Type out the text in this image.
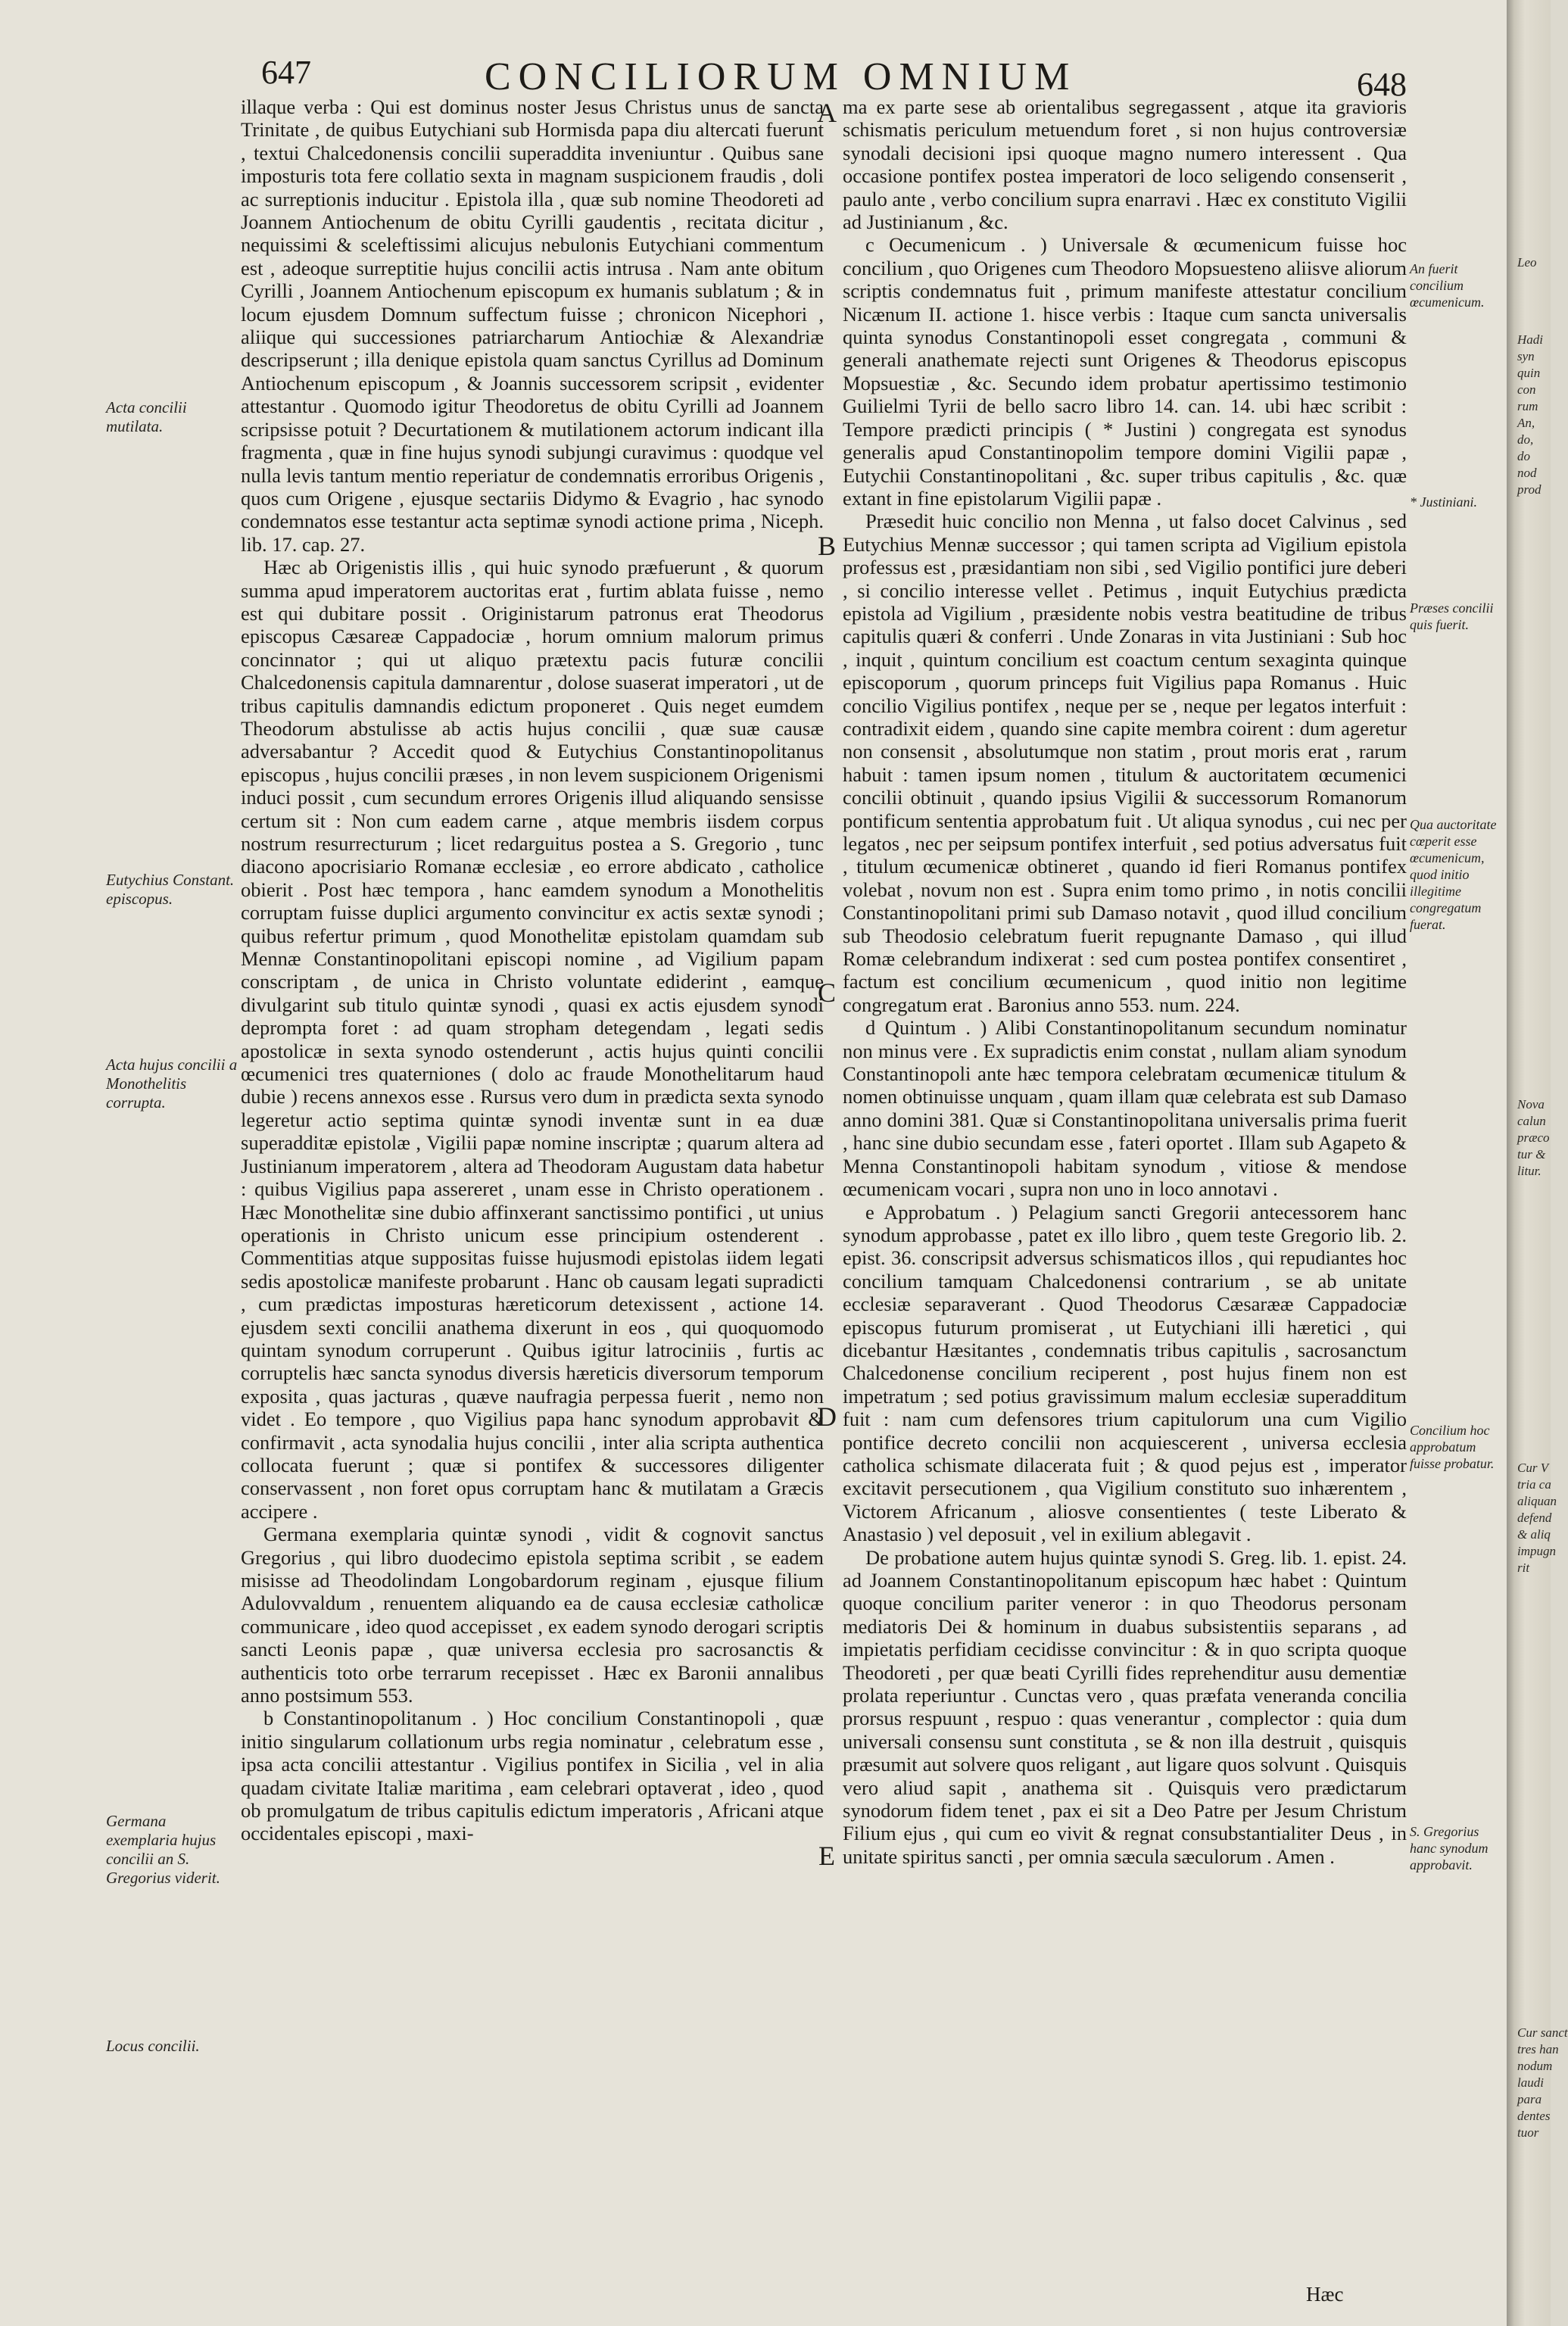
647	CONCILIORUM OMNIUM	648
Acta concilii mutilata.
Eutychius Constant. episcopus.
Acta hujus concilii a Monothelitis corrupta.
Germana exemplaria hujus concilii an S. Gregorius viderit.
Locus concilii.

illaque verba : Qui est dominus noster Jesus Christus unus de sancta Trinitate , de quibus Eutychiani sub Hormisda papa diu altercati fuerunt , textui Chalcedonensis concilii superaddita inveniuntur . Quibus sane imposturis tota fere collatio sexta in magnam suspicionem fraudis , doli ac surreptionis inducitur . Epistola illa , quæ sub nomine Theodoreti ad Joannem Antiochenum de obitu Cyrilli gaudentis , recitata dicitur , nequissimi & sceleftissimi alicujus nebulonis Eutychiani commentum est , adeoque surreptitie hujus concilii actis intrusa . Nam ante obitum Cyrilli , Joannem Antiochenum episcopum ex humanis sublatum ; & in locum ejusdem Domnum suffectum fuisse ; chronicon Nicephori , aliique qui successiones patriarcharum Antiochiæ & Alexandriæ descripserunt ; illa denique epistola quam sanctus Cyrillus ad Dominum Antiochenum episcopum , & Joannis successorem scripsit , evidenter attestantur . Quomodo igitur Theodoretus de obitu Cyrilli ad Joannem scripsisse potuit ? Decurtationem & mutilationem actorum indicant illa fragmenta , quæ in fine hujus synodi subjungi curavimus : quodque vel nulla levis tantum mentio reperiatur de condemnatis erroribus Origenis , quos cum Origene , ejusque sectariis Didymo & Evagrio , hac synodo condemnatos esse testantur acta septimæ synodi actione prima , Niceph. lib. 17. cap. 27.

Hæc ab Origenistis illis , qui huic synodo præfuerunt , & quorum summa apud imperatorem auctoritas erat , furtim ablata fuisse , nemo est qui dubitare possit . Originistarum patronus erat Theodorus episcopus Cæsareæ Cappadociæ , horum omnium malorum primus concinnator ; qui ut aliquo prætextu pacis futuræ concilii Chalcedonensis capitula damnarentur , dolose suaserat imperatori , ut de tribus capitulis damnandis edictum proponeret . Quis neget eumdem Theodorum abstulisse ab actis hujus concilii , quæ suæ causæ adversabantur ? Accedit quod & Eutychius Constantinopolitanus episcopus , hujus concilii præses , in non levem suspicionem Origenismi induci possit , cum secundum errores Origenis illud aliquando sensisse certum sit : Non cum eadem carne , atque membris iisdem corpus nostrum resurrecturum ; licet redarguitus postea a S. Gregorio , tunc diacono apocrisiario Romanæ ecclesiæ , eo errore abdicato , catholice obierit . Post hæc tempora , hanc eamdem synodum a Monothelitis corruptam fuisse duplici argumento convincitur ex actis sextæ synodi ; quibus refertur primum , quod Monothelitæ epistolam quamdam sub Mennæ Constantinopolitani episcopi nomine , ad Vigilium papam conscriptam , de unica in Christo voluntate ediderint , eamque divulgarint sub titulo quintæ synodi , quasi ex actis ejusdem synodi deprompta foret : ad quam stropham detegendam , legati sedis apostolicæ in sexta synodo ostenderunt , actis hujus quinti concilii œcumenici tres quaterniones ( dolo ac fraude Monothelitarum haud dubie ) recens annexos esse . Rursus vero dum in prædicta sexta synodo legeretur actio septima quintæ synodi inventæ sunt in ea duæ superadditæ epistolæ , Vigilii papæ nomine inscriptæ ; quarum altera ad Justinianum imperatorem , altera ad Theodoram Augustam data habetur : quibus Vigilius papa assereret , unam esse in Christo operationem . Hæc Monothelitæ sine dubio affinxerant sanctissimo pontifici , ut unius operationis in Christo unicum esse principium ostenderent . Commentitias atque suppositas fuisse hujusmodi epistolas iidem legati sedis apostolicæ manifeste probarunt . Hanc ob causam legati supradicti , cum prædictas imposturas hæreticorum detexissent , actione 14. ejusdem sexti concilii anathema dixerunt in eos , qui quoquomodo quintam synodum corruperunt . Quibus igitur latrociniis , furtis ac corruptelis hæc sancta synodus diversis hæreticis diversorum temporum exposita , quas jacturas , quæve naufragia perpessa fuerit , nemo non videt . Eo tempore , quo Vigilius papa hanc synodum approbavit & confirmavit , acta synodalia hujus concilii , inter alia scripta authentica collocata fuerunt ; quæ si pontifex & successores diligenter conservassent , non foret opus corruptam hanc & mutilatam a Græcis accipere .

Germana exemplaria quintæ synodi , vidit & cognovit sanctus Gregorius , qui libro duodecimo epistola septima scribit , se eadem misisse ad Theodolindam Longobardorum reginam , ejusque filium Adulovvaldum , renuentem aliquando ea de causa ecclesiæ catholicæ communicare , ideo quod accepisset , ex eadem synodo derogari scriptis sancti Leonis papæ , quæ universa ecclesia pro sacrosanctis & authenticis toto orbe terrarum recepisset . Hæc ex Baronii annalibus anno postsimum 553.

b Constantinopolitanum . ) Hoc concilium Constantinopoli , quæ initio singularum collationum urbs regia nominatur , celebratum esse , ipsa acta concilii attestantur . Vigilius pontifex in Sicilia , vel in alia quadam civitate Italiæ maritima , eam celebrari optaverat , ideo , quod ob promulgatum de tribus capitulis edictum imperatoris , Africani atque occidentales episcopi , maxi-

A
B
C
D
E

ma ex parte sese ab orientalibus segregassent , atque ita gravioris schismatis periculum metuendum foret , si non hujus controversiæ synodali decisioni ipsi quoque magno numero interessent . Qua occasione pontifex postea imperatori de loco seligendo consenserit , paulo ante , verbo concilium supra enarravi . Hæc ex constituto Vigilii ad Justinianum , &c.

c Oecumenicum . ) Universale & œcumenicum fuisse hoc concilium , quo Origenes cum Theodoro Mopsuesteno aliisve aliorum scriptis condemnatus fuit , primum manifeste attestatur concilium Nicænum II. actione 1. hisce verbis : Itaque cum sancta universalis quinta synodus Constantinopoli esset congregata , communi & generali anathemate rejecti sunt Origenes & Theodorus episcopus Mopsuestiæ , &c. Secundo idem probatur apertissimo testimonio Guilielmi Tyrii de bello sacro libro 14. can. 14. ubi hæc scribit : Tempore prædicti principis ( * Justini ) congregata est synodus generalis apud Constantinopolim tempore domini Vigilii papæ , Eutychii Constantinopolitani , &c. super tribus capitulis , &c. quæ extant in fine epistolarum Vigilii papæ .

Præsedit huic concilio non Menna , ut falso docet Calvinus , sed Eutychius Mennæ successor ; qui tamen scripta ad Vigilium epistola professus est , præsidantiam non sibi , sed Vigilio pontifici jure deberi , si concilio interesse vellet . Petimus , inquit Eutychius prædicta epistola ad Vigilium , præsidente nobis vestra beatitudine de tribus capitulis quæri & conferri . Unde Zonaras in vita Justiniani : Sub hoc , inquit , quintum concilium est coactum centum sexaginta quinque episcoporum , quorum princeps fuit Vigilius papa Romanus . Huic concilio Vigilius pontifex , neque per se , neque per legatos interfuit : contradixit eidem , quando sine capite membra coirent : dum ageretur non consensit , absolutumque non statim , prout moris erat , rarum habuit : tamen ipsum nomen , titulum & auctoritatem œcumenici concilii obtinuit , quando ipsius Vigilii & successorum Romanorum pontificum sententia approbatum fuit . Ut aliqua synodus , cui nec per legatos , nec per seipsum pontifex interfuit , sed potius adversatus fuit , titulum œcumenicæ obtineret , quando id fieri Romanus pontifex volebat , novum non est . Supra enim tomo primo , in notis concilii Constantinopolitani primi sub Damaso notavit , quod illud concilium sub Theodosio celebratum fuerit repugnante Damaso , qui illud Romæ celebrandum indixerat : sed cum postea pontifex consentiret , factum est concilium œcumenicum , quod initio non legitime congregatum erat . Baronius anno 553. num. 224.

d Quintum . ) Alibi Constantinopolitanum secundum nominatur non minus vere . Ex supradictis enim constat , nullam aliam synodum Constantinopoli ante hæc tempora celebratam œcumenicæ titulum & nomen obtinuisse unquam , quam illam quæ celebrata est sub Damaso anno domini 381. Quæ si Constantinopolitana universalis prima fuerit , hanc sine dubio secundam esse , fateri oportet . Illam sub Agapeto & Menna Constantinopoli habitam synodum , vitiose & mendose œcumenicam vocari , supra non uno in loco annotavi .

e Approbatum . ) Pelagium sancti Gregorii antecessorem hanc synodum approbasse , patet ex illo libro , quem teste Gregorio lib. 2. epist. 36. conscripsit adversus schismaticos illos , qui repudiantes hoc concilium tamquam Chalcedonensi contrarium , se ab unitate ecclesiæ separaverant . Quod Theodorus Cæsarææ Cappadociæ episcopus futurum promiserat , ut Eutychiani illi hæretici , qui dicebantur Hæsitantes , condemnatis tribus capitulis , sacrosanctum Chalcedonense concilium reciperent , post hujus finem non est impetratum ; sed potius gravissimum malum ecclesiæ superadditum fuit : nam cum defensores trium capitulorum una cum Vigilio pontifice decreto concilii non acquiescerent , universa ecclesia catholica schismate dilacerata fuit ; & quod pejus est , imperator excitavit persecutionem , qua Vigilium constituto suo inhærentem , Victorem Africanum , aliosve consentientes ( teste Liberato & Anastasio ) vel deposuit , vel in exilium ablegavit .

De probatione autem hujus quintæ synodi S. Greg. lib. 1. epist. 24. ad Joannem Constantinopolitanum episcopum hæc habet : Quintum quoque concilium pariter veneror : in quo Theodorus personam mediatoris Dei & hominum in duabus subsistentiis separans , ad impietatis perfidiam cecidisse convincitur : & in quo scripta quoque Theodoreti , per quæ beati Cyrilli fides reprehenditur ausu dementiæ prolata reperiuntur . Cunctas vero , quas præfata veneranda concilia prorsus respuunt , respuo : quas venerantur , complector : quia dum universali consensu sunt constituta , se & non illa destruit , quisquis præsumit aut solvere quos religant , aut ligare quos solvunt . Quisquis vero aliud sapit , anathema sit . Quisquis vero prædictarum synodorum fidem tenet , pax ei sit a Deo Patre per Jesum Christum Filium ejus , qui cum eo vivit & regnat consubstantialiter Deus , in unitate spiritus sancti , per omnia sæcula sæculorum . Amen .

An fuerit concilium œcumenicum.
* Justiniani.
Præses concilii quis fuerit.
Qua auctoritate cœperit esse œcumenicum, quod initio illegitime congregatum fuerat.
Concilium hoc approbatum fuisse probatur.
S. Gregorius hanc synodum approbavit.
Hæc
Leo
Hadi
syn
quin
con
rum
An,
do,
do
nod
prod
Nova
calun
præco
tur &
litur.
Cur V
tria ca
aliquan
defend
& aliq
impugn
rit
Cur sanct
tres han
nodum
laudi
para
dentes
tuor
